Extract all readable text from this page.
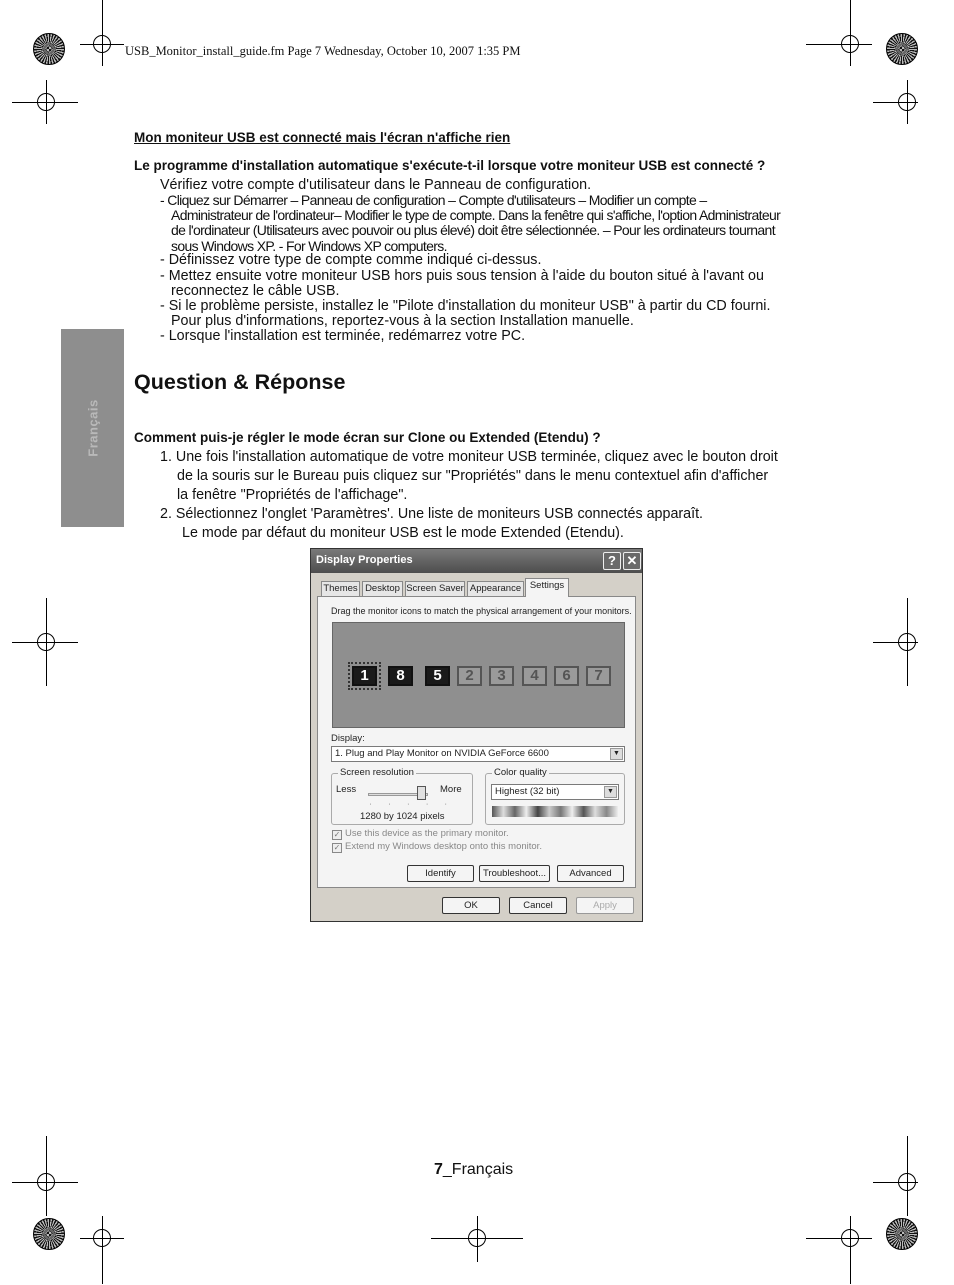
USB_Monitor_install_guide.fm Page 7 Wednesday, October 10, 2007 1:35 PM
Français
Mon moniteur USB est connecté mais l'écran n'affiche rien
Le programme d'installation automatique s'exécute-t-il lorsque votre moniteur USB est connecté ?
Vérifiez votre compte d'utilisateur dans le Panneau de configuration.
- Cliquez sur Démarrer – Panneau de configuration – Compte d'utilisateurs – Modifier un compte –
Administrateur de l'ordinateur– Modifier le type de compte. Dans la fenêtre qui s'affiche, l'option Administrateur
de l'ordinateur (Utilisateurs avec pouvoir ou plus élevé) doit être sélectionnée. – Pour les ordinateurs tournant
sous Windows XP. - For Windows XP computers.
- Définissez votre type de compte comme indiqué ci-dessus.
- Mettez ensuite votre moniteur USB hors puis sous tension à l'aide du bouton situé à l'avant ou
reconnectez le câble USB.
- Si le problème persiste, installez le "Pilote d'installation du moniteur USB" à partir du CD fourni.
Pour plus d'informations, reportez-vous à la section Installation manuelle.
- Lorsque l'installation est terminée, redémarrez votre PC.
Question & Réponse
Comment puis-je régler le mode écran sur Clone ou Extended (Etendu) ?
1. Une fois l'installation automatique de votre moniteur USB terminée, cliquez avec le bouton droit
de la souris sur le Bureau puis cliquez sur "Propriétés" dans le menu contextuel afin d'afficher
la fenêtre "Propriétés de l'affichage".
2. Sélectionnez l'onglet 'Paramètres'. Une liste de moniteurs USB connectés apparaît.
Le mode par défaut du moniteur USB est le mode Extended (Etendu).
Display Properties	? ✕
Themes Desktop Screen Saver Appearance Settings
Drag the monitor icons to match the physical arrangement of your monitors.
1	8	5	2	3	4	6	7
Display:
1. Plug and Play Monitor on NVIDIA GeForce 6600	▼
Screen resolution
Less	More
' ' ' ' '
1280 by 1024 pixels
Color quality
Highest (32 bit)	▼
✓ Use this device as the primary monitor.
✓ Extend my Windows desktop onto this monitor.
Identify	Troubleshoot...	Advanced
OK	Cancel	Apply
7_Français
